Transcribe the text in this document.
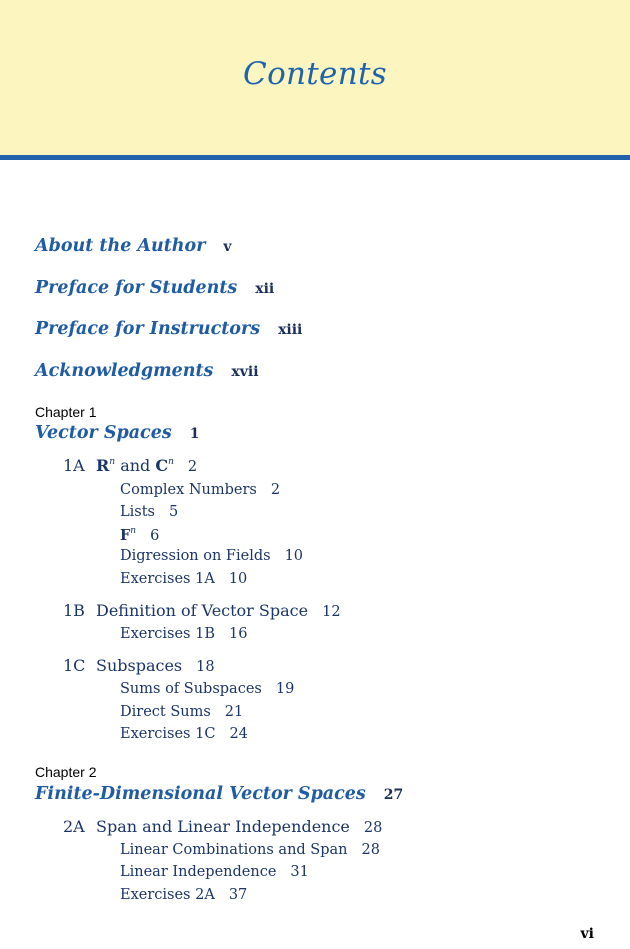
Contents
About the Author v
Preface for Students xii
Preface for Instructors xiii
Acknowledgments xvii
Chapter 1
Vector Spaces 1
1A $R^n$ and $C^n$ 2
Complex Numbers 2
Lists 5
$F^n$ 6
Digression on Fields 10
Exercises 1A 10
1B Definition of Vector Space 12
Exercises 1B 16
1C Subspaces 18
Sums of Subspaces 19
Direct Sums 21
Exercises 1C 24
Chapter 2
Finite-Dimensional Vector Spaces 27
2A Span and Linear Independence 28
Linear Combinations and Span 28
Linear Independence 31
Exercises 2A 37
vi
